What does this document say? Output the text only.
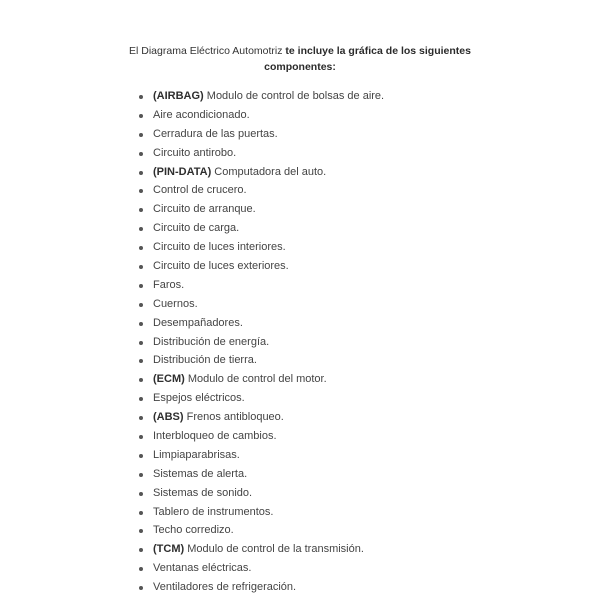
El Diagrama Eléctrico Automotriz te incluye la gráfica de los siguientes
componentes:
(AIRBAG) Modulo de control de bolsas de aire.
Aire acondicionado.
Cerradura de las puertas.
Circuito antirobo.
(PIN-DATA) Computadora del auto.
Control de crucero.
Circuito de arranque.
Circuito de carga.
Circuito de luces interiores.
Circuito de luces exteriores.
Faros.
Cuernos.
Desempañadores.
Distribución de energía.
Distribución de tierra.
(ECM) Modulo de control del motor.
Espejos eléctricos.
(ABS) Frenos antibloqueo.
Interbloqueo de cambios.
Limpiaparabrisas.
Sistemas de alerta.
Sistemas de sonido.
Tablero de instrumentos.
Techo corredizo.
(TCM) Modulo de control de la transmisión.
Ventanas eléctricas.
Ventiladores de refrigeración.
